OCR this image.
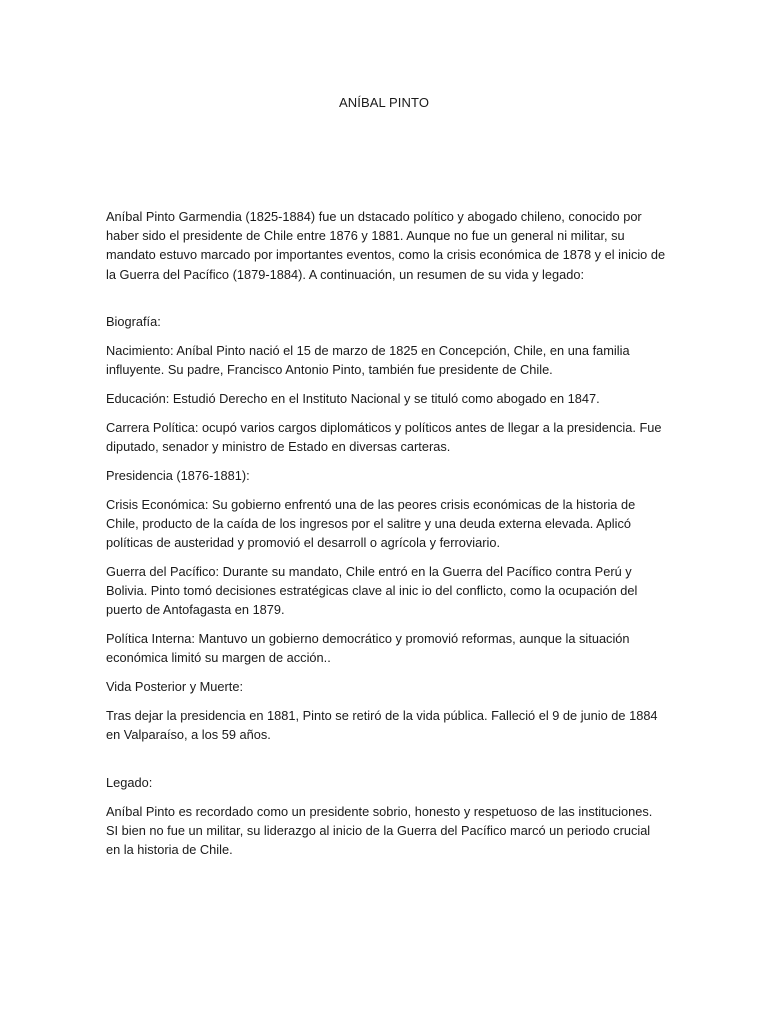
ANÍBAL PINTO

Aníbal Pinto Garmendia (1825-1884) fue un dstacado político y abogado chileno, conocido por haber sido el presidente de Chile entre 1876 y 1881. Aunque no fue un general ni militar, su mandato estuvo marcado por importantes eventos, como la crisis económica de 1878 y el inicio de la Guerra del Pacífico (1879-1884). A continuación, un resumen de su vida y legado:

Biografía:

Nacimiento: Aníbal Pinto nació el 15 de marzo de 1825 en Concepción, Chile, en una familia influyente. Su padre, Francisco Antonio Pinto, también fue presidente de Chile.

Educación: Estudió Derecho en el Instituto Nacional y se tituló como abogado en 1847.

Carrera Política: ocupó varios cargos diplomáticos y políticos antes de llegar a la presidencia. Fue diputado, senador y ministro de Estado en diversas carteras.

Presidencia (1876-1881):

Crisis Económica: Su gobierno enfrentó una de las peores crisis económicas de la historia de Chile, producto de la caída de los ingresos por el salitre y una deuda externa elevada. Aplicó políticas de austeridad y promovió el desarroll o agrícola y ferroviario.

Guerra del Pacífico: Durante su mandato, Chile entró en la Guerra del Pacífico contra Perú y Bolivia. Pinto tomó decisiones estratégicas clave al inic io del conflicto, como la ocupación del puerto de Antofagasta en 1879.

Política Interna: Mantuvo un gobierno democrático y promovió reformas, aunque la situación económica limitó su margen de acción..

Vida Posterior y Muerte:

Tras dejar la presidencia en 1881, Pinto se retiró de la vida pública. Falleció el 9 de junio de 1884 en Valparaíso, a los 59 años.

Legado:

Aníbal Pinto es recordado como un presidente sobrio, honesto y respetuoso de las instituciones. SI bien no fue un militar, su liderazgo al inicio de la Guerra del Pacífico marcó un periodo crucial en la historia de Chile.
